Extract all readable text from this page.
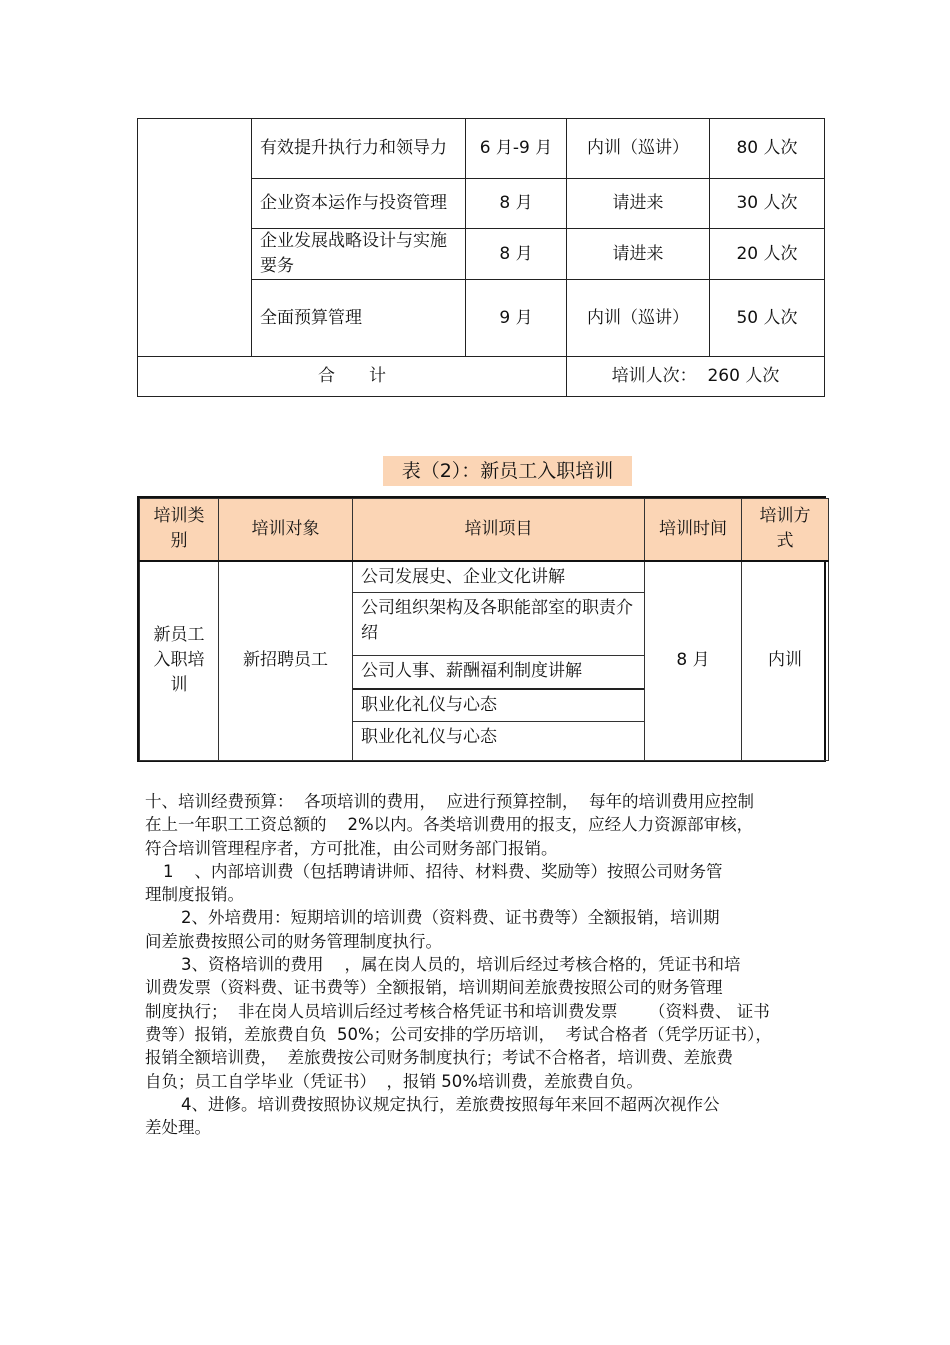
	有效提升执行力和领导力	6 月-9 月	内训（巡讲）	80 人次
	企业资本运作与投资管理	8 月	请进来	30 人次
	企业发展战略设计与实施要务	8 月	请进来	20 人次
	全面预算管理	9 月	内训（巡讲）	50 人次
合　　计			培训人次：  260 人次	
表（2）：新员工入职培训
培训类别	培训对象	培训项目	培训时间	培训方式
新员工入职培训	新招聘员工	公司发展史、企业文化讲解
公司组织架构及各职能部室的职责介绍
公司人事、薪酬福利制度讲解
职业化礼仪与心态
职业化礼仪与心态	8 月	内训

十、培训经费预算：  各项培训的费用，  应进行预算控制，  每年的培训费用应控制

在上一年职工工资总额的    2%以内。各类培训费用的报支，应经人力资源部审核，

符合培训管理程序者，方可批准，由公司财务部门报销。

1    、内部培训费（包括聘请讲师、招待、材料费、奖励等）按照公司财务管

理制度报销。

2、外培费用：短期培训的培训费（资料费、证书费等）全额报销，培训期

间差旅费按照公司的财务管理制度执行。

3、资格培训的费用    ，属在岗人员的，培训后经过考核合格的，凭证书和培

训费发票（资料费、证书费等）全额报销，培训期间差旅费按照公司的财务管理

制度执行；  非在岗人员培训后经过考核合格凭证书和培训费发票      （资料费、 证书

费等）报销，差旅费自负  50%；公司安排的学历培训，  考试合格者（凭学历证书），

报销全额培训费，  差旅费按公司财务制度执行；考试不合格者，培训费、差旅费

自负；员工自学毕业（凭证书）  ，报销 50%培训费，差旅费自负。

4、进修。培训费按照协议规定执行，差旅费按照每年来回不超两次视作公

差处理。
